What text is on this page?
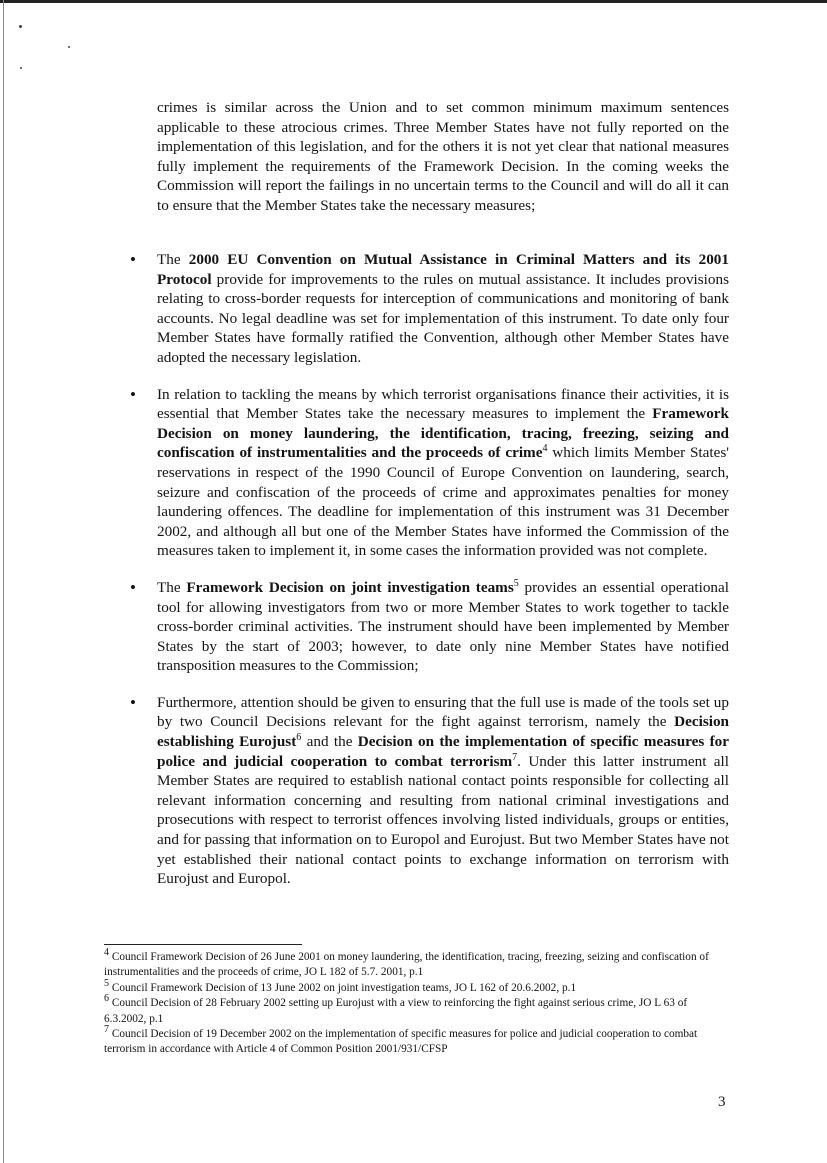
crimes is similar across the Union and to set common minimum maximum sentences applicable to these atrocious crimes. Three Member States have not fully reported on the implementation of this legislation, and for the others it is not yet clear that national measures fully implement the requirements of the Framework Decision. In the coming weeks the Commission will report the failings in no uncertain terms to the Council and will do all it can to ensure that the Member States take the necessary measures;

• The 2000 EU Convention on Mutual Assistance in Criminal Matters and its 2001 Protocol provide for improvements to the rules on mutual assistance. It includes provisions relating to cross-border requests for interception of communications and monitoring of bank accounts. No legal deadline was set for implementation of this instrument. To date only four Member States have formally ratified the Convention, although other Member States have adopted the necessary legislation.
• In relation to tackling the means by which terrorist organisations finance their activities, it is essential that Member States take the necessary measures to implement the Framework Decision on money laundering, the identification, tracing, freezing, seizing and confiscation of instrumentalities and the proceeds of crime$^4$ which limits Member States' reservations in respect of the 1990 Council of Europe Convention on laundering, search, seizure and confiscation of the proceeds of crime and approximates penalties for money laundering offences. The deadline for implementation of this instrument was 31 December 2002, and although all but one of the Member States have informed the Commission of the measures taken to implement it, in some cases the information provided was not complete.
• The Framework Decision on joint investigation teams$^5$ provides an essential operational tool for allowing investigators from two or more Member States to work together to tackle cross-border criminal activities. The instrument should have been implemented by Member States by the start of 2003; however, to date only nine Member States have notified transposition measures to the Commission;
• Furthermore, attention should be given to ensuring that the full use is made of the tools set up by two Council Decisions relevant for the fight against terrorism, namely the Decision establishing Eurojust$^6$ and the Decision on the implementation of specific measures for police and judicial cooperation to combat terrorism$^7$. Under this latter instrument all Member States are required to establish national contact points responsible for collecting all relevant information concerning and resulting from national criminal investigations and prosecutions with respect to terrorist offences involving listed individuals, groups or entities, and for passing that information on to Europol and Eurojust. But two Member States have not yet established their national contact points to exchange information on terrorism with Eurojust and Europol.

$^4$ Council Framework Decision of 26 June 2001 on money laundering, the identification, tracing, freezing, seizing and confiscation of instrumentalities and the proceeds of crime, JO L 182 of 5.7. 2001, p.1

$^5$ Council Framework Decision of 13 June 2002 on joint investigation teams, JO L 162 of 20.6.2002, p.1

$^6$ Council Decision of 28 February 2002 setting up Eurojust with a view to reinforcing the fight against serious crime, JO L 63 of 6.3.2002, p.1

$^7$ Council Decision of 19 December 2002 on the implementation of specific measures for police and judicial cooperation to combat terrorism in accordance with Article 4 of Common Position 2001/931/CFSP

3
